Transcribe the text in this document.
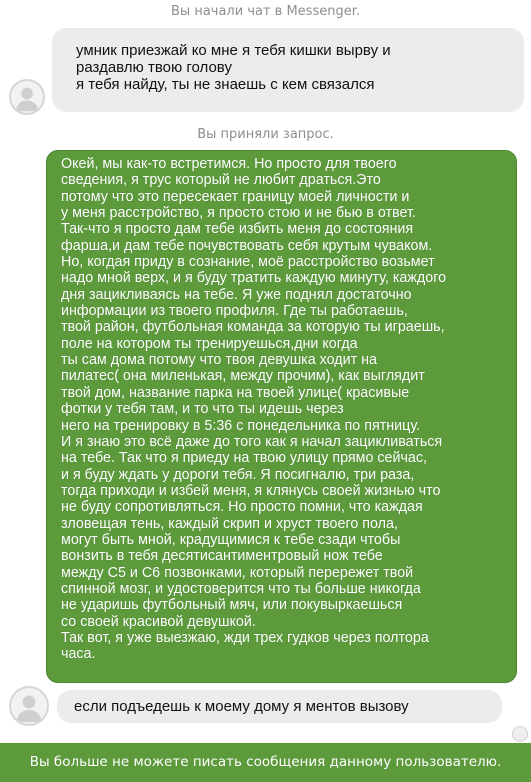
Вы начали чат в Messenger.
умник приезжай ко мне я тебя кишки вырву и
раздавлю твою голову
я тебя найду, ты не знаешь с кем связался
Вы приняли запрос.
Окей, мы как-то встретимся. Но просто для твоего
сведения, я трус который не любит драться.Это
потому что это пересекает границу моей личности и
у меня расстройство, я просто стою и не бью в ответ.
Так-что я просто дам тебе избить меня до состояния
фарша,и дам тебе почувствовать себя крутым чуваком.
Но, когдая приду в сознание, моё расстройство возьмет
надо мной верх, и я буду тратить каждую минуту, каждого
дня зацикливаясь на тебе. Я уже поднял достаточно
информации из твоего профиля. Где ты работаешь,
твой район, футбольная команда за которую ты играешь,
поле на котором ты тренируешься,дни когда
ты сам дома потому что твоя девушка ходит на
пилатес( она миленькая, между прочим), как выглядит
твой дом, название парка на твоей улице( красивые
фотки у тебя там, и то что ты идешь через
него на тренировку в 5:36 с понедельника по пятницу.
И я знаю это всё даже до того как я начал зацикливаться
на тебе. Так что я приеду на твою улицу прямо сейчас,
и я буду ждать у дороги тебя. Я посигналю, три раза,
тогда приходи и избей меня, я клянусь своей жизнью что
не буду сопротивляться. Но просто помни, что каждая
зловещая тень, каждый скрип и хруст твоего пола,
могут быть мной, крадущимися к тебе сзади чтобы
вонзить в тебя десятисантиментровый нож тебе
между С5 и С6 позвонками, который перережет твой
спинной мозг, и удостоверится что ты больше никогда
не ударишь футбольный мяч, или покувыркаешься
со своей красивой девушкой.
Так вот, я уже выезжаю, жди трех гудков через полтора
часа.
если подъедешь к моему дому я ментов вызову
Вы больше не можете писать сообщения данному пользователю.
